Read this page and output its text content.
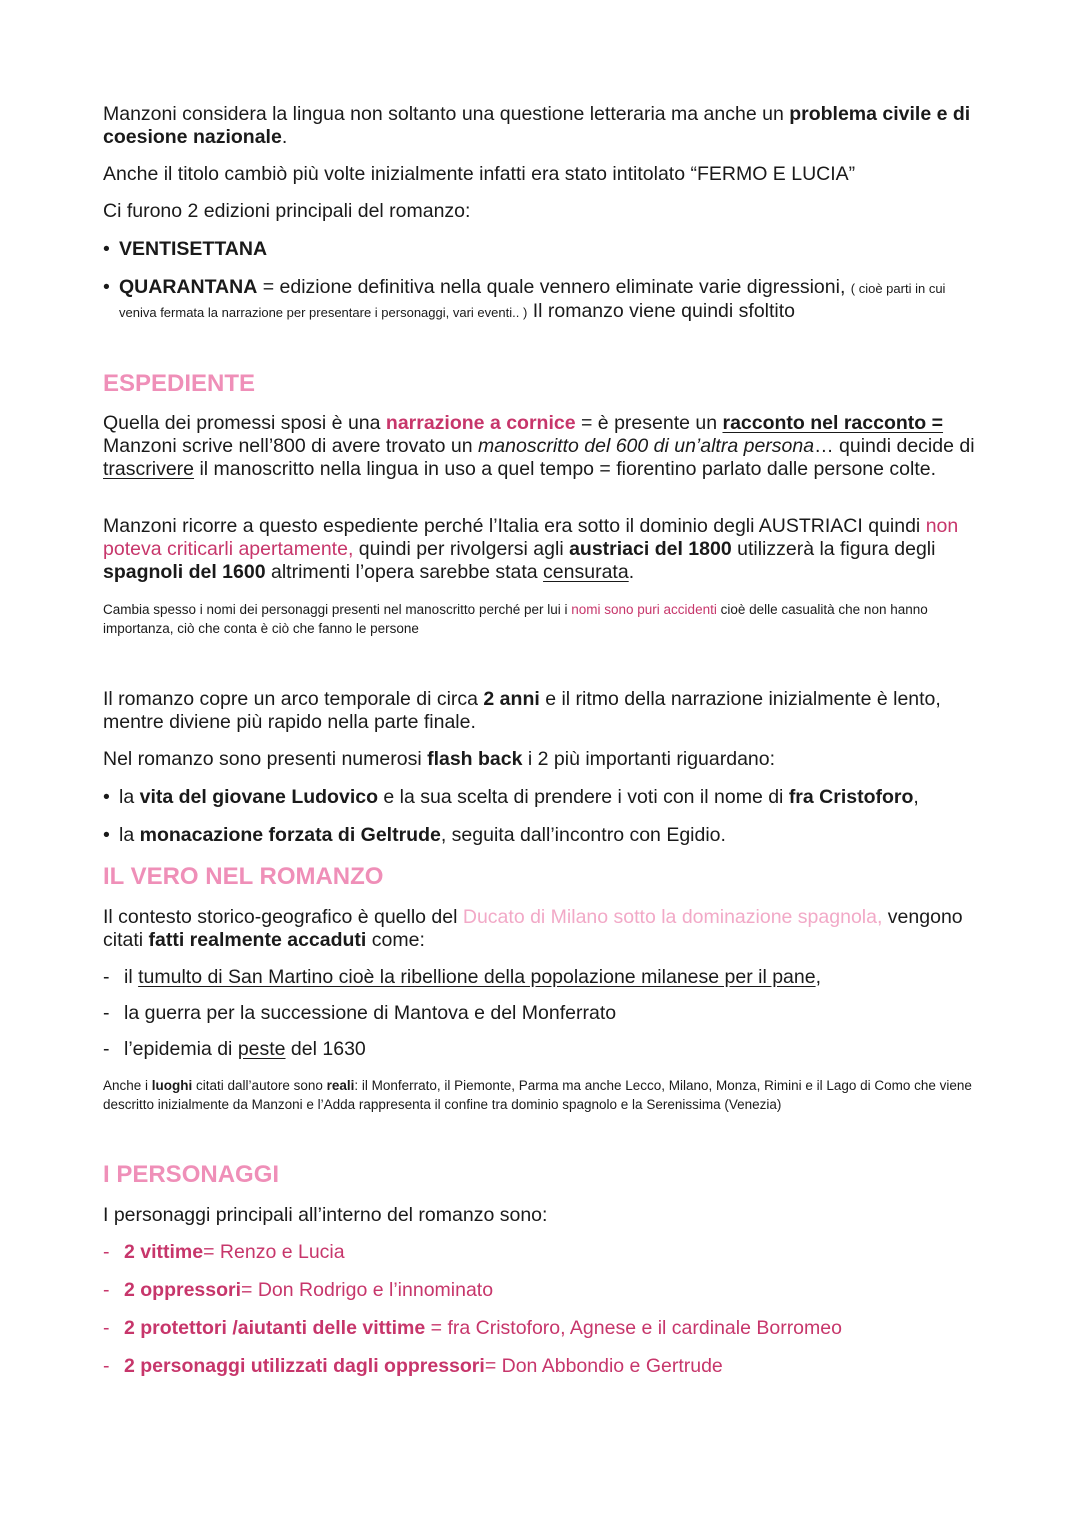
Manzoni considera la lingua non soltanto una questione letteraria ma anche un problema civile e di coesione nazionale.

Anche il titolo cambiò più volte inizialmente infatti era stato intitolato “FERMO E LUCIA”

Ci furono 2 edizioni principali del romanzo:

• VENTISETTANA
• QUARANTANA = edizione definitiva nella quale vennero eliminate varie digressioni, ( cioè parti in cui veniva fermata la narrazione per presentare i personaggi, vari eventi.. ) Il romanzo viene quindi sfoltito
ESPEDIENTE

Quella dei promessi sposi è una narrazione a cornice = è presente un racconto nel racconto = Manzoni scrive nell’800 di avere trovato un manoscritto del 600 di un’altra persona… quindi decide di trascrivere il manoscritto nella lingua in uso a quel tempo = fiorentino parlato dalle persone colte.

Manzoni ricorre a questo espediente perché l’Italia era sotto il dominio degli AUSTRIACI quindi non poteva criticarli apertamente, quindi per rivolgersi agli austriaci del 1800 utilizzerà la figura degli spagnoli del 1600 altrimenti l’opera sarebbe stata censurata.

Cambia spesso i nomi dei personaggi presenti nel manoscritto perché per lui i nomi sono puri accidenti cioè delle casualità che non hanno importanza, ciò che conta è ciò che fanno le persone

Il romanzo copre un arco temporale di circa 2 anni e il ritmo della narrazione inizialmente è lento, mentre diviene più rapido nella parte finale.

Nel romanzo sono presenti numerosi flash back i 2 più importanti riguardano:

• la vita del giovane Ludovico e la sua scelta di prendere i voti con il nome di fra Cristoforo,
• la monacazione forzata di Geltrude, seguita dall’incontro con Egidio.
IL VERO NEL ROMANZO

Il contesto storico-geografico è quello del Ducato di Milano sotto la dominazione spagnola, vengono citati fatti realmente accaduti come:

- il tumulto di San Martino cioè la ribellione della popolazione milanese per il pane,
- la guerra per la successione di Mantova e del Monferrato
- l’epidemia di peste del 1630

Anche i luoghi citati dall’autore sono reali: il Monferrato, il Piemonte, Parma ma anche Lecco, Milano, Monza, Rimini e il Lago di Como che viene descritto inizialmente da Manzoni e l’Adda rappresenta il confine tra dominio spagnolo e la Serenissima (Venezia)

I PERSONAGGI

I personaggi principali all’interno del romanzo sono:

- 2 vittime= Renzo e Lucia
- 2 oppressori= Don Rodrigo e l’innominato
- 2 protettori /aiutanti delle vittime = fra Cristoforo, Agnese e il cardinale Borromeo
- 2 personaggi utilizzati dagli oppressori= Don Abbondio e Gertrude
